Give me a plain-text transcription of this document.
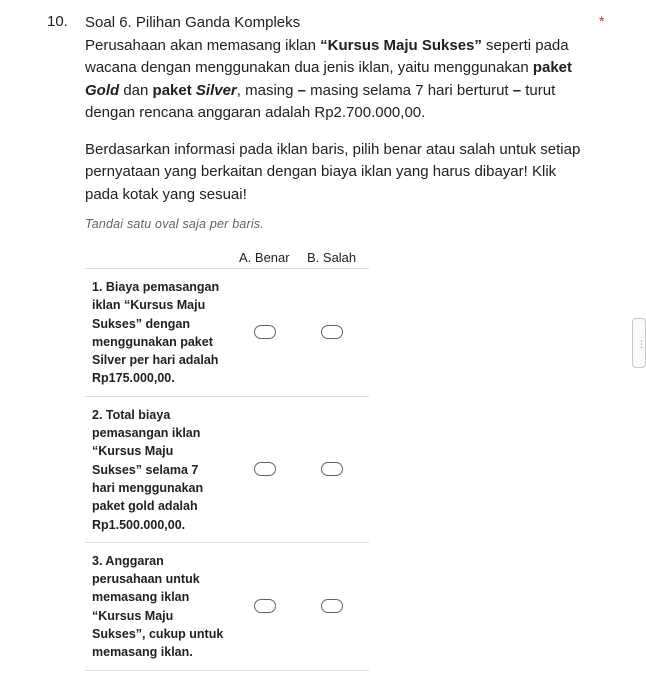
10.	*

Soal 6. Pilihan Ganda Kompleks

Perusahaan akan memasang iklan “Kursus Maju Sukses” seperti pada wacana dengan menggunakan dua jenis iklan, yaitu menggunakan paket Gold dan paket Silver, masing – masing selama 7 hari berturut – turut dengan rencana anggaran adalah Rp2.700.000,00.

Berdasarkan informasi pada iklan baris, pilih benar atau salah untuk setiap pernyataan yang berkaitan dengan biaya iklan yang harus dibayar! Klik pada kotak yang sesuai!

Tandai satu oval saja per baris.
A. Benar B. Salah
1. Biaya pemasangan iklan “Kursus Maju Sukses” dengan menggunakan paket Silver per hari adalah Rp175.000,00.
2. Total biaya pemasangan iklan “Kursus Maju Sukses” selama 7 hari menggunakan paket gold adalah Rp1.500.000,00.
3. Anggaran perusahaan untuk memasang iklan “Kursus Maju Sukses”, cukup untuk memasang iklan.
⋮
